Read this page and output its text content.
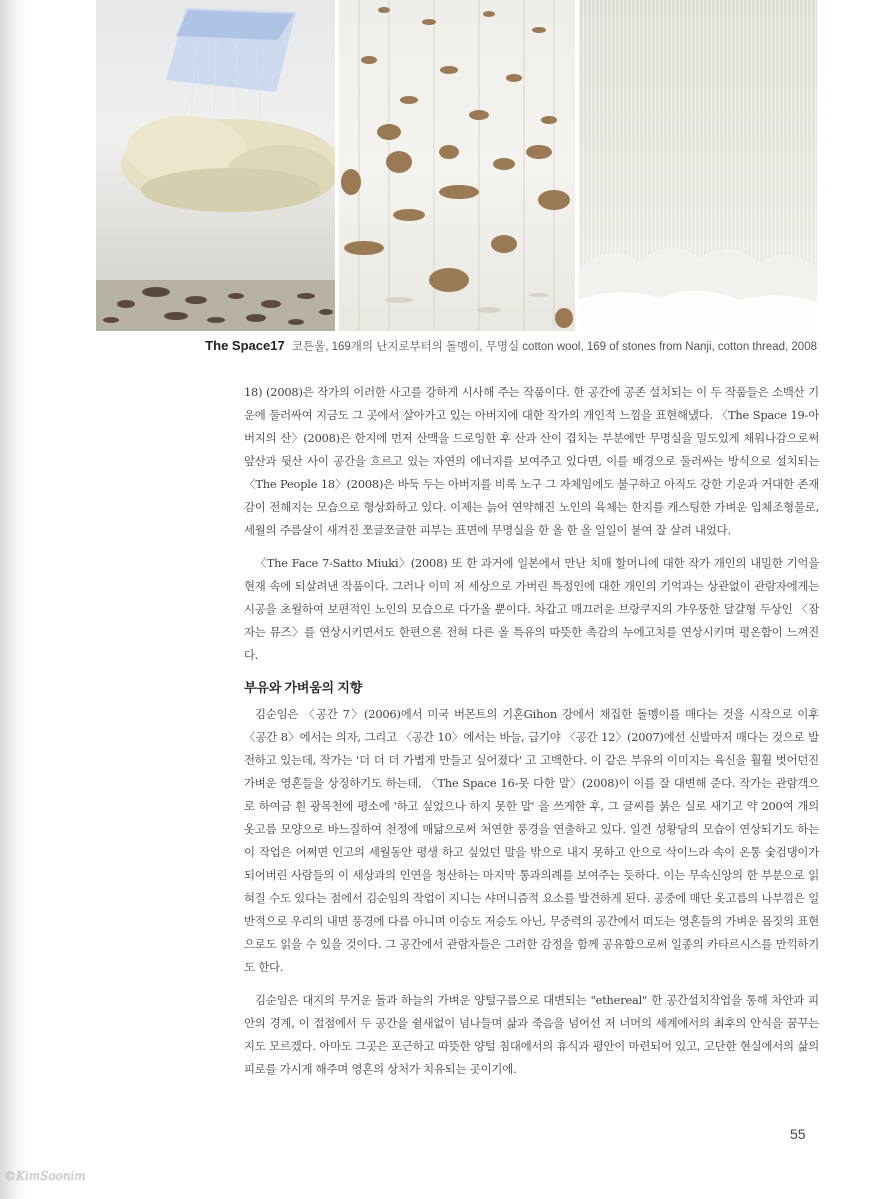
The Space17 코튼울, 169개의 난지로부터의 돌멩이, 무명실 cotton wool, 169 of stones from Nanji, cotton thread, 2008

18) (2008)은 작가의 이러한 사고를 강하게 시사해 주는 작품이다. 한 공간에 공존 설치되는 이 두 작품들은 소백산 기운에 둘러싸여 지금도 그 곳에서 살아가고 있는 아버지에 대한 작가의 개인적 느낌을 표현해냈다. 〈The Space 19-아버지의 산〉(2008)은 한지에 먼저 산맥을 드로잉한 후 산과 산이 겹치는 부분에만 무명실을 밀도있게 채워나감으로써 앞산과 뒷산 사이 공간을 흐르고 있는 자연의 에너지를 보여주고 있다면, 이를 배경으로 둘러싸는 방식으로 설치되는 〈The People 18〉(2008)은 바둑 두는 아버지를 비록 노구 그 자체임에도 불구하고 아직도 강한 기운과 거대한 존재감이 전해지는 모습으로 형상화하고 있다. 이제는 늙어 연약해진 노인의 육체는 한지를 캐스팅한 가벼운 입체조형물로, 세월의 주름살이 새겨진 쪼글쪼글한 피부는 표면에 무명실을 한 올 한 올 일일이 붙여 잘 살려 내었다.

〈The Face 7-Satto Miuki〉(2008) 또 한 과거에 일본에서 만난 치매 할머니에 대한 작가 개인의 내밀한 기억을 현재 속에 되살려낸 작품이다. 그러나 이미 저 세상으로 가버린 특정인에 대한 개인의 기억과는 상관없이 관람자에게는 시공을 초월하여 보편적인 노인의 모습으로 다가올 뿐이다. 차갑고 매끄러운 브랑쿠지의 갸우뚱한 달걀형 두상인 〈잠자는 뮤즈〉를 연상시키면서도 한편으론 전혀 다른 올 특유의 따뜻한 촉감의 누에고치를 연상시키며 평온함이 느껴진다.

부유와 가벼움의 지향

김순임은 〈공간 7〉(2006)에서 미국 버몬트의 기혼Gihon 강에서 채집한 돌멩이를 매다는 것을 시작으로 이후 〈공간 8〉에서는 의자, 그리고 〈공간 10〉에서는 바늘, 급기야 〈공간 12〉(2007)에선 신발마저 매다는 것으로 발전하고 있는데, 작가는 '더 더 더 가볍게 만들고 싶어졌다' 고 고백한다. 이 같은 부유의 이미지는 육신을 훨훨 벗어던진 가벼운 영혼들을 상징하기도 하는데, 〈The Space 16-못 다한 말〉(2008)이 이를 잘 대변해 준다. 작가는 관람객으로 하여금 흰 광목천에 평소에 '하고 싶었으나 하지 못한 말' 을 쓰게한 후, 그 글씨를 붉은 실로 새기고 약 200여 개의 옷고름 모양으로 바느질하여 천정에 매닮으로써 처연한 풍경을 연출하고 있다. 일견 성황당의 모습이 연상되기도 하는 이 작업은 어쩌면 인고의 세월동안 평생 하고 싶었던 말을 밖으로 내지 못하고 안으로 삭이느라 속이 온통 숯검댕이가 되어버린 사람들의 이 세상과의 인연을 청산하는 마지막 통과의례를 보여주는 듯하다. 이는 무속신앙의 한 부분으로 읽혀질 수도 있다는 점에서 김순임의 작업이 지니는 샤머니즘적 요소를 발견하게 된다. 공중에 매단 옷고름의 나부낌은 일반적으로 우리의 내면 풍경에 다름 아니며 이승도 저승도 아닌, 무중력의 공간에서 떠도는 영혼들의 가벼운 몸짓의 표현으로도 읽을 수 있을 것이다. 그 공간에서 관람자들은 그러한 감정을 함께 공유함으로써 일종의 카타르시스를 만끽하기도 한다.

김순임은 대지의 무거운 돌과 하늘의 가벼운 양털구름으로 대변되는 "ethereal" 한 공간설치작업을 통해 차안과 피안의 경계, 이 접점에서 두 공간을 쉴새없이 넘나들며 삶과 죽음을 넘어선 저 너머의 세계에서의 최후의 안식을 꿈꾸는 지도 모르겠다. 아마도 그곳은 포근하고 따뜻한 양털 침대에서의 휴식과 평안이 마련되어 있고, 고단한 현실에서의 삶의 피로를 가시게 해주며 영혼의 상처가 치유되는 곳이기에.

55
©KimSoonim
